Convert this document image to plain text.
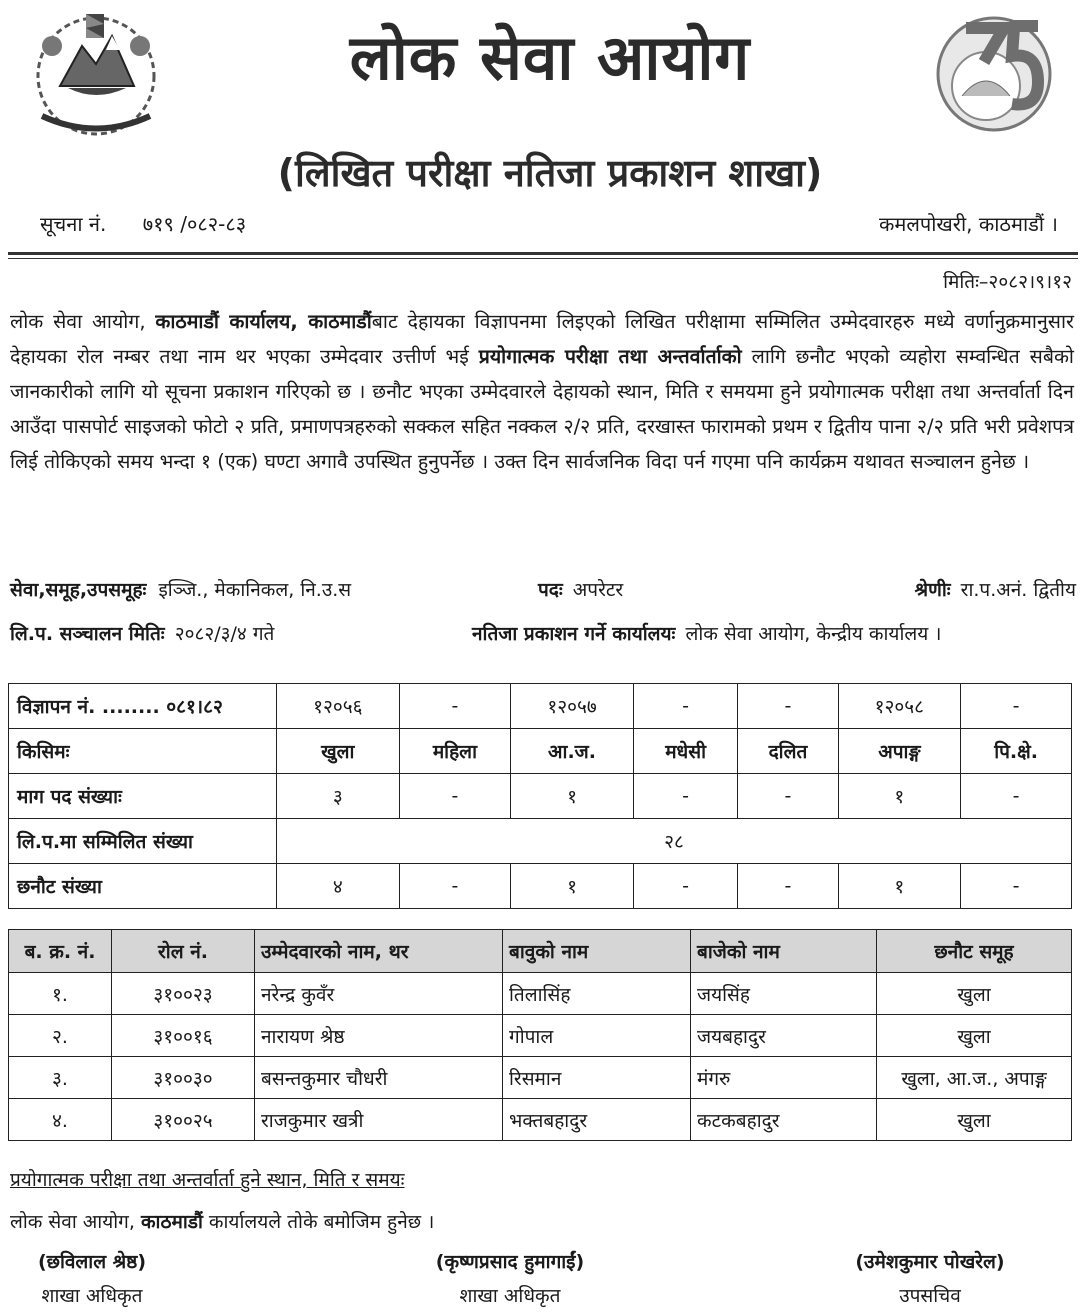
लोक सेवा आयोग
(लिखित परीक्षा नतिजा प्रकाशन शाखा)
सूचना नं. ७१९ /०८२-८३	कमलपोखरी, काठमाडौं ।
मितिः–२०८२।९।१२
लोक सेवा आयोग, काठमाडौं कार्यालय, काठमाडौंबाट देहायका विज्ञापनमा लिइएको लिखित परीक्षामा सम्मिलित उम्मेदवारहरु मध्ये वर्णानुक्रमानुसार देहायका रोल नम्बर तथा नाम थर भएका उम्मेदवार उत्तीर्ण भई प्रयोगात्मक परीक्षा तथा अन्तर्वार्ताको लागि छनौट भएको व्यहोरा सम्वन्धित सबैको जानकारीको लागि यो सूचना प्रकाशन गरिएको छ । छनौट भएका उम्मेदवारले देहायको स्थान, मिति र समयमा हुने प्रयोगात्मक परीक्षा तथा अन्तर्वार्ता दिन आउँदा पासपोर्ट साइजको फोटो २ प्रति, प्रमाणपत्रहरुको सक्कल सहित नक्कल २/२ प्रति, दरखास्त फारामको प्रथम र द्वितीय पाना २/२ प्रति भरी प्रवेशपत्र लिई तोकिएको समय भन्दा १ (एक) घण्टा अगावै उपस्थित हुनुपर्नेछ । उक्त दिन सार्वजनिक विदा पर्न गएमा पनि कार्यक्रम यथावत सञ्चालन हुनेछ ।
सेवा,समूह,उपसमूहः इञ्जि., मेकानिकल, नि.उ.स	पदः अपरेटर	श्रेणीः रा.प.अनं. द्वितीय
लि.प. सञ्चालन मितिः २०८२/३/४ गते	नतिजा प्रकाशन गर्ने कार्यालयः लोक सेवा आयोग, केन्द्रीय कार्यालय ।
विज्ञापन नं. ........ ०८१।८२	१२०५६	-	१२०५७	-	-	१२०५८	-
किसिमः	खुला	महिला	आ.ज.	मधेसी	दलित	अपाङ्ग	पि.क्षे.
माग पद संख्याः	३	-	१	-	-	१	-
लि.प.मा सम्मिलित संख्या	२८						
छनौट संख्या	४	-	१	-	-	१	-
ब. क्र. नं.	रोल नं.	उम्मेदवारको नाम, थर	बावुको नाम	बाजेको नाम	छनौट समूह
१.	३१००२३	नरेन्द्र कुवँर	तिलासिंह	जयसिंह	खुला
२.	३१००१६	नारायण श्रेष्ठ	गोपाल	जयबहादुर	खुला
३.	३१००३०	बसन्तकुमार चौधरी	रिसमान	मंगरु	खुला, आ.ज., अपाङ्ग
४.	३१००२५	राजकुमार खत्री	भक्तबहादुर	कटकबहादुर	खुला
प्रयोगात्मक परीक्षा तथा अन्तर्वार्ता हुने स्थान, मिति र समयः
लोक सेवा आयोग, काठमाडौं कार्यालयले तोके बमोजिम हुनेछ ।
(छविलाल श्रेष्ठ)
शाखा अधिकृत
(कृष्णप्रसाद हुमागाईं)
शाखा अधिकृत
(उमेशकुमार पोखरेल)
उपसचिव
